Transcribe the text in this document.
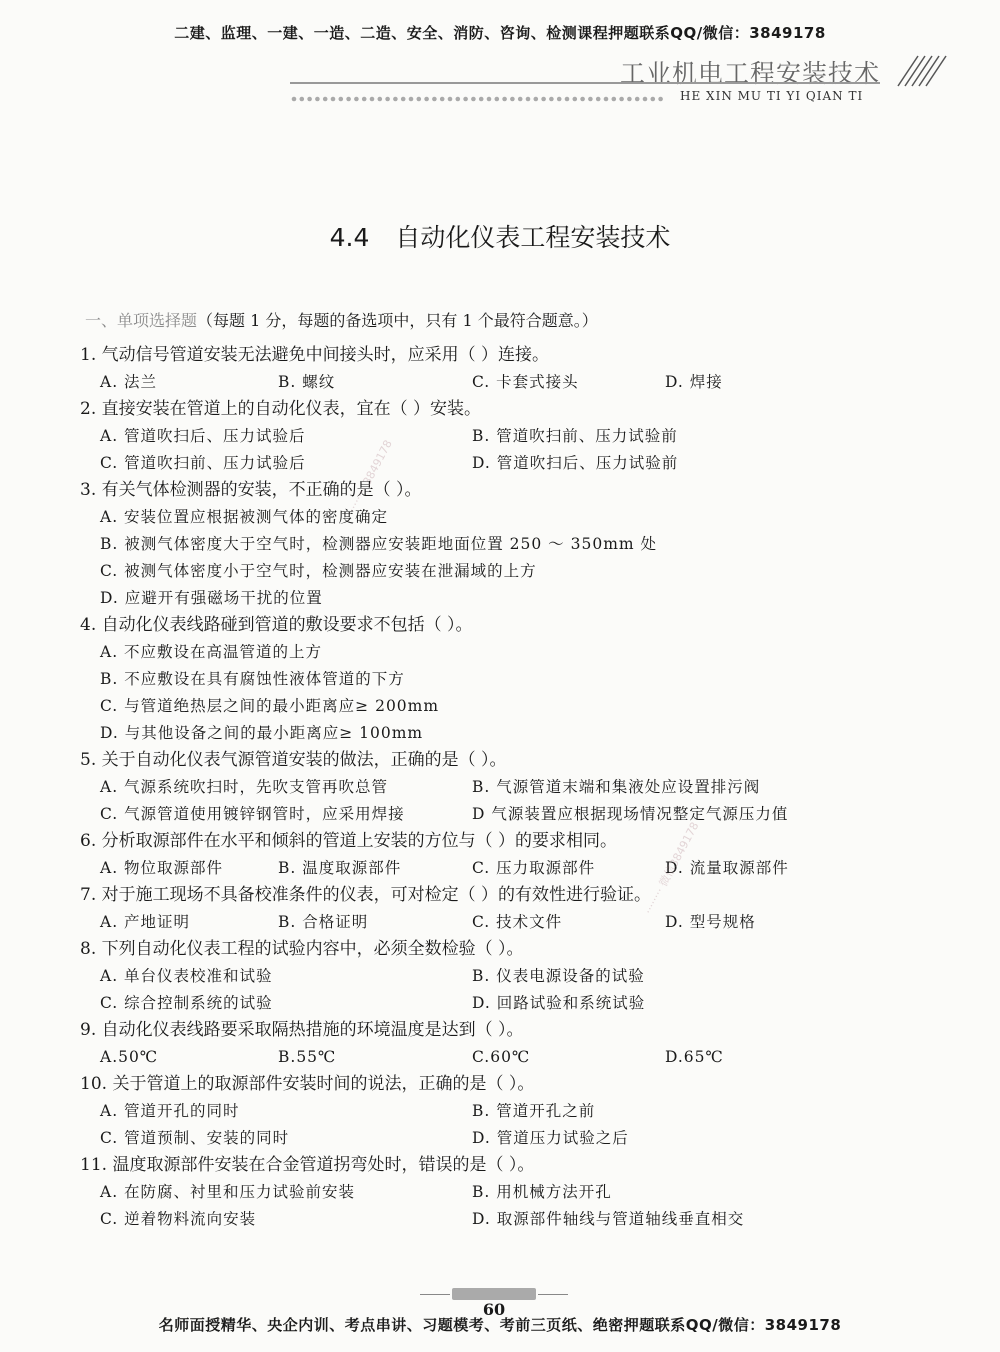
二建、监理、一建、一造、二造、安全、消防、咨询、检测课程押题联系QQ/微信：3849178
工业机电工程安装技术
HE XIN MU TI YI QIAN TI
4.4 自动化仪表工程安装技术
一、单项选择题（每题 1 分，每题的备选项中，只有 1 个最符合题意。）
1. 气动信号管道安装无法避免中间接头时，应采用（ ）连接。
A. 法兰	B. 螺纹	C. 卡套式接头	D. 焊接
2. 直接安装在管道上的自动化仪表，宜在（ ）安装。
A. 管道吹扫后、压力试验后	B. 管道吹扫前、压力试验前
C. 管道吹扫前、压力试验后	D. 管道吹扫后、压力试验前
3. 有关气体检测器的安装，不正确的是（ ）。
A. 安装位置应根据被测气体的密度确定
B. 被测气体密度大于空气时，检测器应安装距地面位置 250 ～ 350mm 处
C. 被测气体密度小于空气时，检测器应安装在泄漏域的上方
D. 应避开有强磁场干扰的位置
4. 自动化仪表线路碰到管道的敷设要求不包括（ ）。
A. 不应敷设在高温管道的上方
B. 不应敷设在具有腐蚀性液体管道的下方
C. 与管道绝热层之间的最小距离应≥ 200mm
D. 与其他设备之间的最小距离应≥ 100mm
5. 关于自动化仪表气源管道安装的做法，正确的是（ ）。
A. 气源系统吹扫时，先吹支管再吹总管	B. 气源管道末端和集液处应设置排污阀
C. 气源管道使用镀锌钢管时，应采用焊接	D 气源装置应根据现场情况整定气源压力值
6. 分析取源部件在水平和倾斜的管道上安装的方位与（ ）的要求相同。
A. 物位取源部件	B. 温度取源部件	C. 压力取源部件	D. 流量取源部件
7. 对于施工现场不具备校准条件的仪表，可对检定（ ）的有效性进行验证。
A. 产地证明	B. 合格证明	C. 技术文件	D. 型号规格
8. 下列自动化仪表工程的试验内容中，必须全数检验（ ）。
A. 单台仪表校准和试验	B. 仪表电源设备的试验
C. 综合控制系统的试验	D. 回路试验和系统试验
9. 自动化仪表线路要采取隔热措施的环境温度是达到（ ）。
A.50℃	B.55℃	C.60℃	D.65℃
10. 关于管道上的取源部件安装时间的说法，正确的是（ ）。
A. 管道开孔的同时	B. 管道开孔之前
C. 管道预制、安装的同时	D. 管道压力试验之后
11. 温度取源部件安装在合金管道拐弯处时，错误的是（ ）。
A. 在防腐、衬里和压力试验前安装	B. 用机械方法开孔
C. 逆着物料流向安装	D. 取源部件轴线与管道轴线垂直相交
········ 3849178
········ 微信3849178
60
名师面授精华、央企内训、考点串讲、习题模考、考前三页纸、绝密押题联系QQ/微信：3849178
